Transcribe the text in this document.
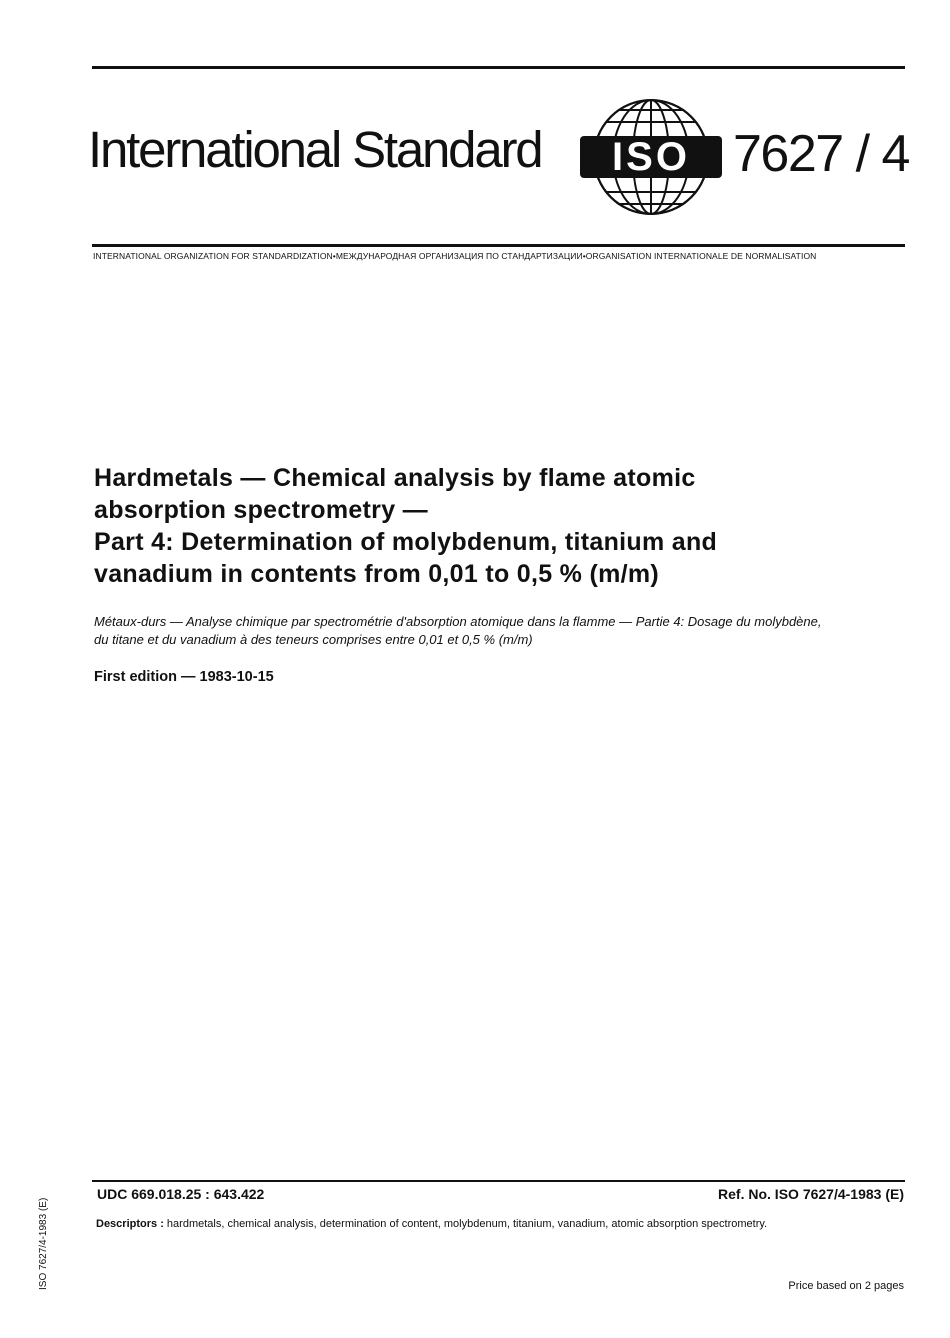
International Standard ISO 7627 / 4
INTERNATIONAL ORGANIZATION FOR STANDARDIZATION•МЕЖДУНАРОДНАЯ ОРГАНИЗАЦИЯ ПО СТАНДАРТИЗАЦИИ•ORGANISATION INTERNATIONALE DE NORMALISATION
Hardmetals — Chemical analysis by flame atomic
absorption spectrometry —
Part 4: Determination of molybdenum, titanium and
vanadium in contents from 0,01 to 0,5 % (m/m)
Métaux-durs — Analyse chimique par spectrométrie d'absorption atomique dans la flamme — Partie 4: Dosage du molybdène,
du titane et du vanadium à des teneurs comprises entre 0,01 et 0,5 % (m/m)
First edition — 1983-10-15
UDC 669.018.25 : 643.422	Ref. No. ISO 7627/4-1983 (E)
Descriptors : hardmetals, chemical analysis, determination of content, molybdenum, titanium, vanadium, atomic absorption spectrometry.
Price based on 2 pages
ISO 7627/4-1983 (E)
